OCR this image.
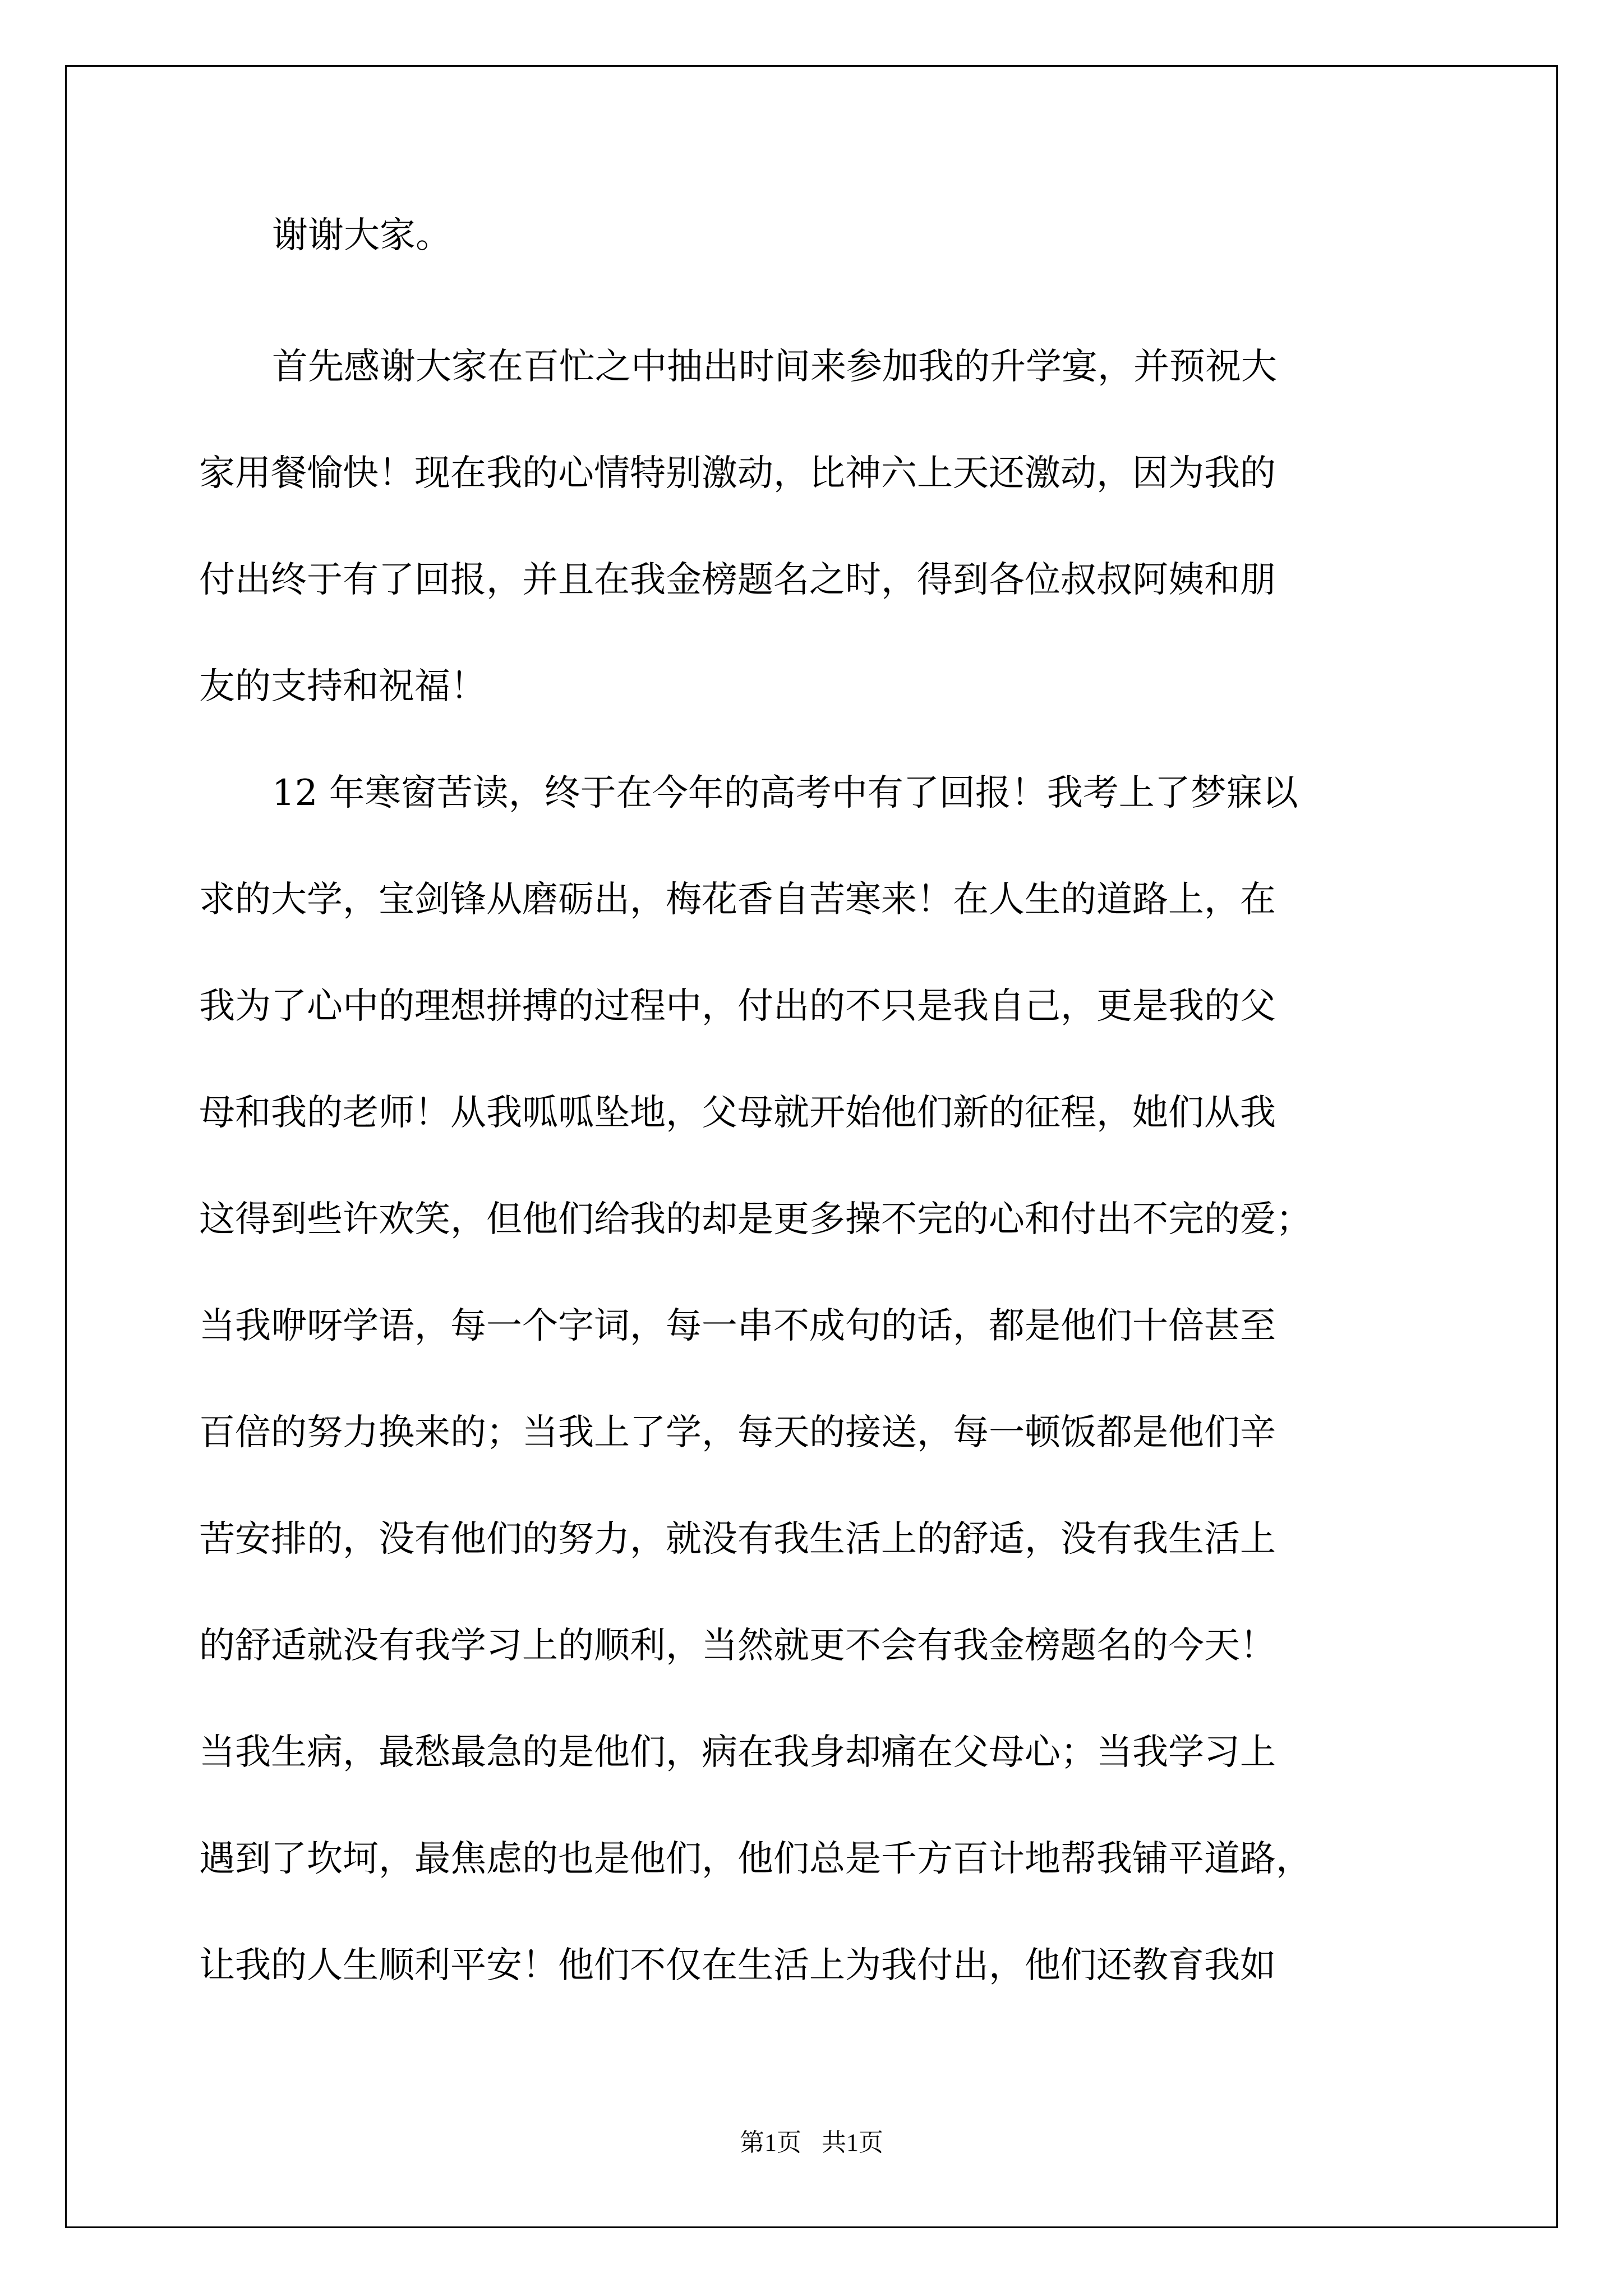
谢谢大家。
首先感谢大家在百忙之中抽出时间来参加我的升学宴，并预祝大
家用餐愉快！现在我的心情特别激动，比神六上天还激动，因为我的
付出终于有了回报，并且在我金榜题名之时，得到各位叔叔阿姨和朋
友的支持和祝福！
12 年寒窗苦读，终于在今年的高考中有了回报！我考上了梦寐以
求的大学，宝剑锋从磨砺出，梅花香自苦寒来！在人生的道路上，在
我为了心中的理想拼搏的过程中，付出的不只是我自己，更是我的父
母和我的老师！从我呱呱坠地，父母就开始他们新的征程，她们从我
这得到些许欢笑，但他们给我的却是更多操不完的心和付出不完的爱；
当我咿呀学语，每一个字词，每一串不成句的话，都是他们十倍甚至
百倍的努力换来的；当我上了学，每天的接送，每一顿饭都是他们辛
苦安排的，没有他们的努力，就没有我生活上的舒适，没有我生活上
的舒适就没有我学习上的顺利，当然就更不会有我金榜题名的今天！
当我生病，最愁最急的是他们，病在我身却痛在父母心；当我学习上
遇到了坎坷，最焦虑的也是他们，他们总是千方百计地帮我铺平道路，
让我的人生顺利平安！他们不仅在生活上为我付出，他们还教育我如
第1页 共1页
